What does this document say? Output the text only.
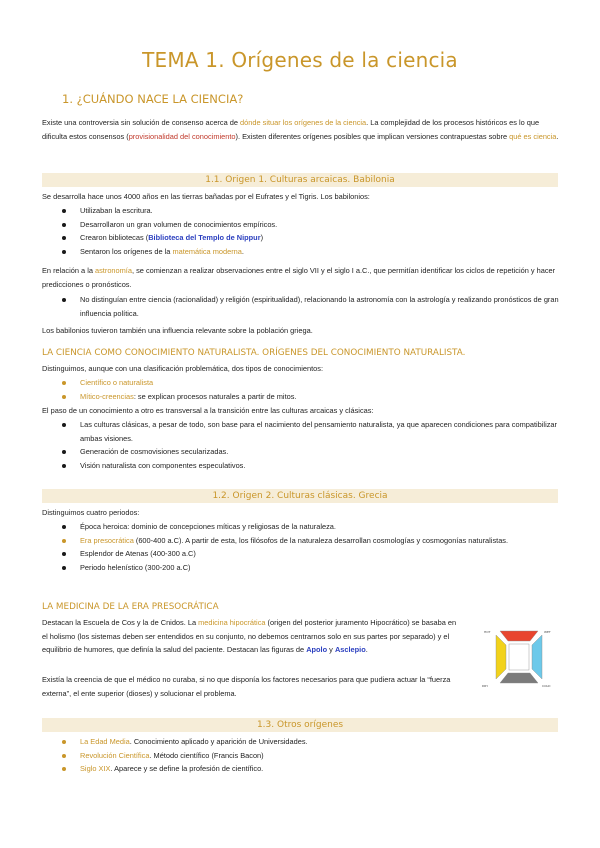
TEMA 1. Orígenes de la ciencia
1. ¿CUÁNDO NACE LA CIENCIA?
Existe una controversia sin solución de consenso acerca de dónde situar los orígenes de la ciencia. La complejidad de los procesos históricos es lo que dificulta estos consensos (provisionalidad del conocimiento). Existen diferentes orígenes posibles que implican versiones contrapuestas sobre qué es ciencia.
1.1. Origen 1. Culturas arcaicas. Babilonia
Se desarrolla hace unos 4000 años en las tierras bañadas por el Eufrates y el Tigris. Los babilonios:
Utilizaban la escritura.
Desarrollaron un gran volumen de conocimientos empíricos.
Crearon bibliotecas (Biblioteca del Templo de Nippur)
Sentaron los orígenes de la matemática moderna.
En relación a la astronomía, se comienzan a realizar observaciones entre el siglo VII y el siglo I a.C., que permitían identificar los ciclos de repetición y hacer predicciones o pronósticos.
No distinguían entre ciencia (racionalidad) y religión (espiritualidad), relacionando la astronomía con la astrología y realizando pronósticos de gran influencia política.
Los babilonios tuvieron también una influencia relevante sobre la población griega.
LA CIENCIA COMO CONOCIMIENTO NATURALISTA. ORÍGENES DEL CONOCIMIENTO NATURALISTA.
Distinguimos, aunque con una clasificación problemática, dos tipos de conocimientos:
Científico o naturalista
Mítico-creencias: se explican procesos naturales a partir de mitos.
El paso de un conocimiento a otro es transversal a la transición entre las culturas arcaicas y clásicas:
Las culturas clásicas, a pesar de todo, son base para el nacimiento del pensamiento naturalista, ya que aparecen condiciones para compatibilizar ambas visiones.
Generación de cosmovisiones secularizadas.
Visión naturalista con componentes especulativos.
1.2. Origen 2. Culturas clásicas. Grecia
Distinguimos cuatro periodos:
Época heroica: dominio de concepciones míticas y religiosas de la naturaleza.
Era presocrática (600-400 a.C). A partir de esta, los filósofos de la naturaleza desarrollan cosmologías y cosmogonías naturalistas.
Esplendor de Atenas (400-300 a.C)
Periodo helenístico (300-200 a.C)
LA MEDICINA DE LA ERA PRESOCRÁTICA
Destacan la Escuela de Cos y la de Cnidos. La medicina hipocrática (origen del posterior juramento Hipocrático) se basaba en el holismo (los sistemas deben ser entendidos en su conjunto, no debemos centrarnos solo en sus partes por separado) y el equilibrio de humores, que definía la salud del paciente. Destacan las figuras de Apolo y Asclepio.
Existía la creencia de que el médico no curaba, si no que disponía los factores necesarios para que pudiera actuar la “fuerza externa”, el ente superior (dioses) y solucionar el problema.
HOT	WET
DRY	COLD
1.3. Otros orígenes
La Edad Media. Conocimiento aplicado y aparición de Universidades.
Revolución Científica. Método científico (Francis Bacon)
Siglo XIX. Aparece y se define la profesión de científico.
